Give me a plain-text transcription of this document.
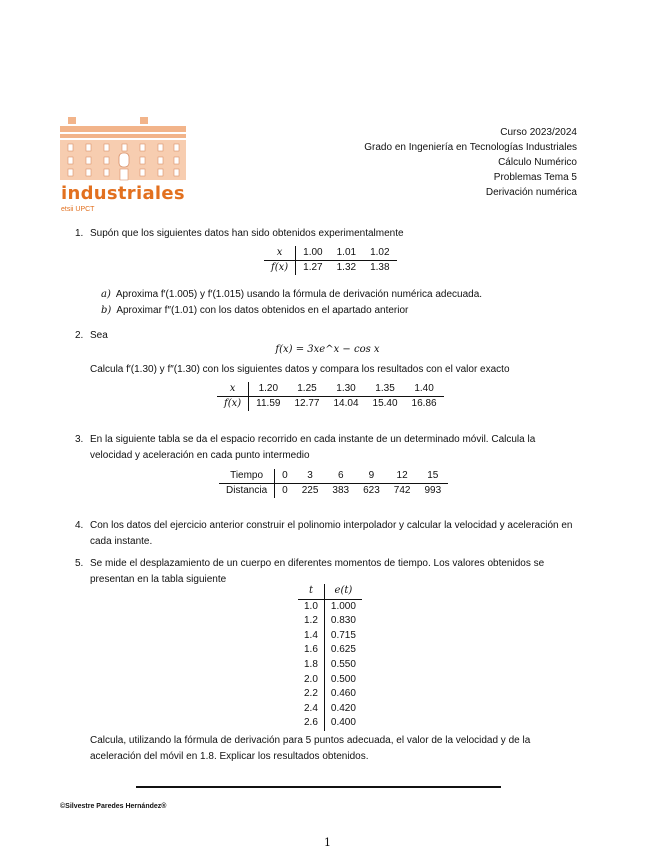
industriales
etsii UPCT
Curso 2023/2024
Grado en Ingeniería en Tecnologías Industriales
Cálculo Numérico
Problemas Tema 5
Derivación numérica
1. Supón que los siguientes datos han sido obtenidos experimentalmente
x	1.00	1.01	1.02
f(x)	1.27	1.32	1.38
a) Aproxima f′(1.005) y f′(1.015) usando la fórmula de derivación numérica adecuada.
b) Aproximar f″(1.01) con los datos obtenidos en el apartado anterior
2. Sea
f(x) = 3xe^x − cos x
Calcula f′(1.30) y f″(1.30) con los siguientes datos y compara los resultados con el valor exacto
x	1.20	1.25	1.30	1.35	1.40
f(x)	11.59	12.77	14.04	15.40	16.86
3. En la siguiente tabla se da el espacio recorrido en cada instante de un determinado móvil. Calcula la velocidad y aceleración en cada punto intermedio
Tiempo	0	3	6	9	12	15
Distancia	0	225	383	623	742	993
4. Con los datos del ejercicio anterior construir el polinomio interpolador y calcular la velocidad y aceleración en cada instante.
5. Se mide el desplazamiento de un cuerpo en diferentes momentos de tiempo. Los valores obtenidos se presentan en la tabla siguiente
t	e(t)
1.0	1.000
1.2	0.830
1.4	0.715
1.6	0.625
1.8	0.550
2.0	0.500
2.2	0.460
2.4	0.420
2.6	0.400
Calcula, utilizando la fórmula de derivación para 5 puntos adecuada, el valor de la velocidad y de la aceleración del móvil en 1.8. Explicar los resultados obtenidos.
©Silvestre Paredes Hernández®
1
